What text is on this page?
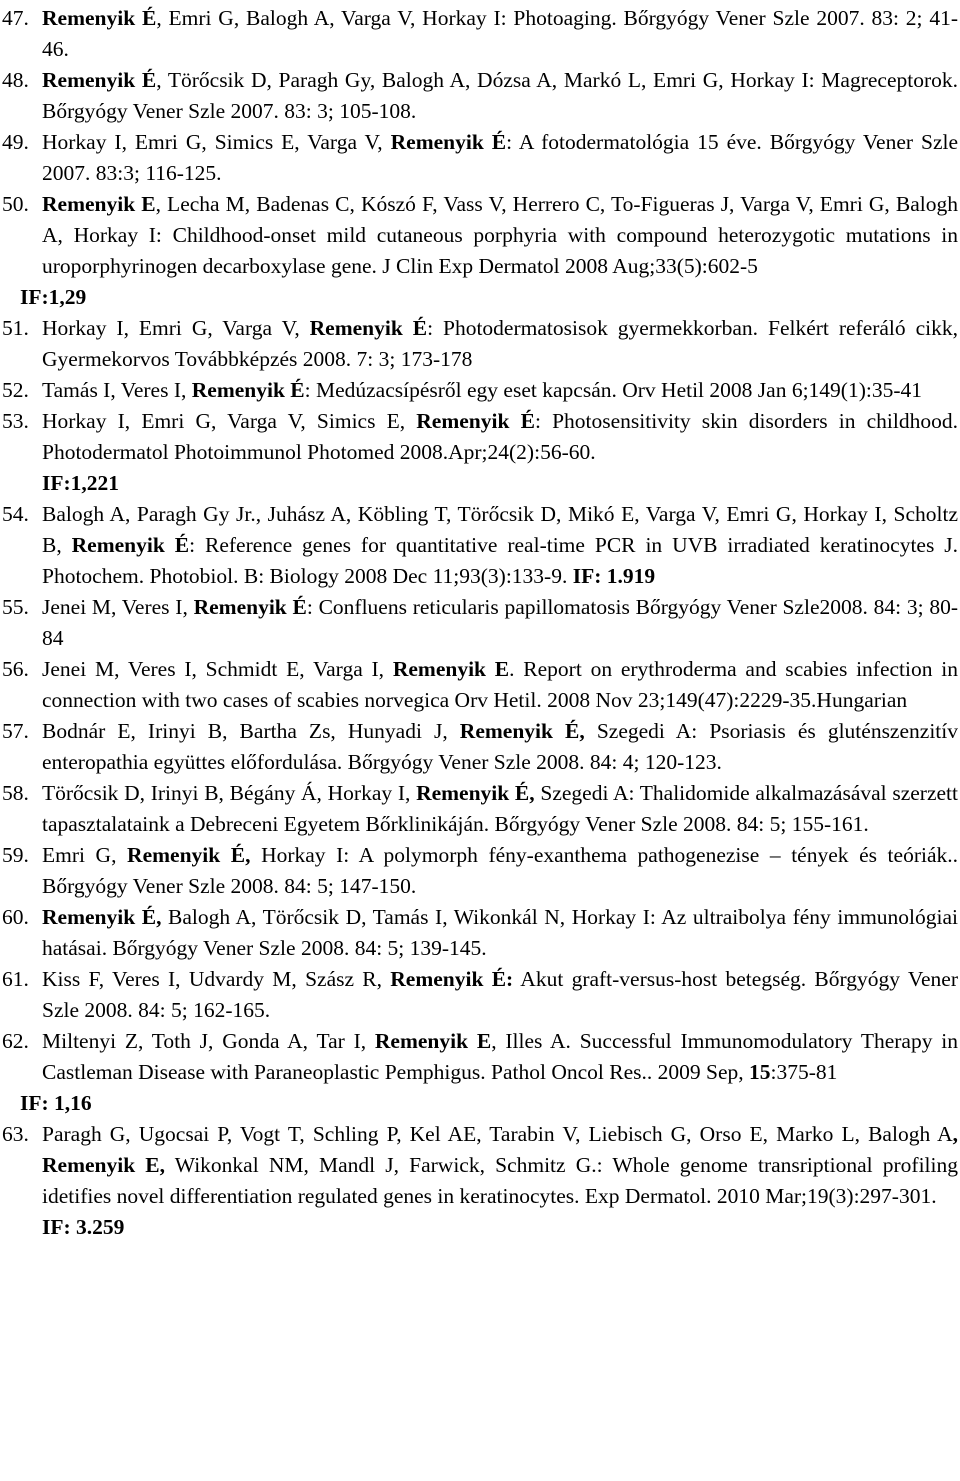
47. Remenyik É, Emri G, Balogh A, Varga V, Horkay I: Photoaging. Bőrgyógy Vener Szle 2007. 83: 2; 41-46.
48. Remenyik É, Törőcsik D, Paragh Gy, Balogh A, Dózsa A, Markó L, Emri G, Horkay I: Magreceptorok. Bőrgyógy Vener Szle 2007. 83: 3; 105-108.
49. Horkay I, Emri G, Simics E, Varga V, Remenyik É: A fotodermatológia 15 éve. Bőrgyógy Vener Szle 2007. 83:3; 116-125.
50. Remenyik E, Lecha M, Badenas C, Kószó F, Vass V, Herrero C, To-Figueras J, Varga V, Emri G, Balogh A, Horkay I: Childhood-onset mild cutaneous porphyria with compound heterozygotic mutations in uroporphyrinogen decarboxylase gene. J Clin Exp Dermatol 2008 Aug;33(5):602-5
IF:1,29
51. Horkay I, Emri G, Varga V, Remenyik É: Photodermatosisok gyermekkorban. Felkért referáló cikk, Gyermekorvos Továbbképzés 2008. 7: 3; 173-178
52. Tamás I, Veres I, Remenyik É: Medúzacsípésről egy eset kapcsán. Orv Hetil 2008 Jan 6;149(1):35-41
53. Horkay I, Emri G, Varga V, Simics E, Remenyik É: Photosensitivity skin disorders in childhood. Photodermatol Photoimmunol Photomed 2008.Apr;24(2):56-60.
IF:1,221
54. Balogh A, Paragh Gy Jr., Juhász A, Köbling T, Törőcsik D, Mikó E, Varga V, Emri G, Horkay I, Scholtz B, Remenyik É: Reference genes for quantitative real-time PCR in UVB irradiated keratinocytes J. Photochem. Photobiol. B: Biology 2008 Dec 11;93(3):133-9. IF: 1.919
55. Jenei M, Veres I, Remenyik É: Confluens reticularis papillomatosis Bőrgyógy Vener Szle2008. 84: 3; 80-84
56. Jenei M, Veres I, Schmidt E, Varga I, Remenyik E. Report on erythroderma and scabies infection in connection with two cases of scabies norvegica Orv Hetil. 2008 Nov 23;149(47):2229-35.Hungarian
57. Bodnár E, Irinyi B, Bartha Zs, Hunyadi J, Remenyik É, Szegedi A: Psoriasis és gluténszenzitív enteropathia együttes előfordulása. Bőrgyógy Vener Szle 2008. 84: 4; 120-123.
58. Törőcsik D, Irinyi B, Bégány Á, Horkay I, Remenyik É, Szegedi A: Thalidomide alkalmazásával szerzett tapasztalataink a Debreceni Egyetem Bőrklinikáján. Bőrgyógy Vener Szle 2008. 84: 5; 155-161.
59. Emri G, Remenyik É, Horkay I: A polymorph fény-exanthema pathogenezise – tények és teóriák.. Bőrgyógy Vener Szle 2008. 84: 5; 147-150.
60. Remenyik É, Balogh A, Törőcsik D, Tamás I, Wikonkál N, Horkay I: Az ultraibolya fény immunológiai hatásai. Bőrgyógy Vener Szle 2008. 84: 5; 139-145.
61. Kiss F, Veres I, Udvardy M, Szász R, Remenyik É: Akut graft-versus-host betegség. Bőrgyógy Vener Szle 2008. 84: 5; 162-165.
62. Miltenyi Z, Toth J, Gonda A, Tar I, Remenyik E, Illes A. Successful Immunomodulatory Therapy in Castleman Disease with Paraneoplastic Pemphigus. Pathol Oncol Res.. 2009 Sep, 15:375-81
IF: 1,16
63. Paragh G, Ugocsai P, Vogt T, Schling P, Kel AE, Tarabin V, Liebisch G, Orso E, Marko L, Balogh A, Remenyik E, Wikonkal NM, Mandl J, Farwick, Schmitz G.: Whole genome transriptional profiling idetifies novel differentiation regulated genes in keratinocytes. Exp Dermatol. 2010 Mar;19(3):297-301.
IF: 3.259
